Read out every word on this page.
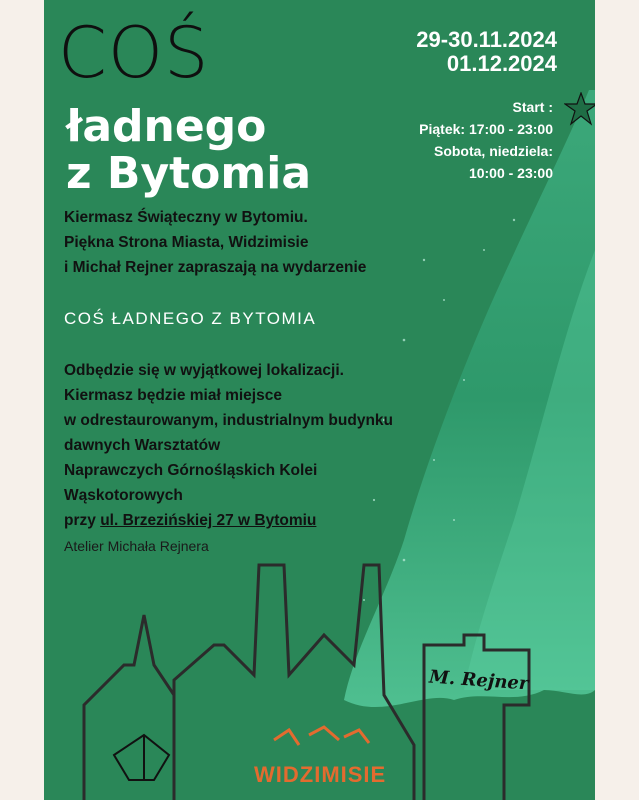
COŚ
ładnego
z Bytomia
29-30.11.2024
01.12.2024
Start :
Piątek: 17:00 - 23:00
Sobota, niedziela:
10:00 - 23:00
Kiermasz Świąteczny w Bytomiu.
Piękna Strona Miasta, Widzimisie
i Michał Rejner zapraszają na wydarzenie
COŚ ŁADNEGO Z BYTOMIA
Odbędzie się w wyjątkowej lokalizacji.
Kiermasz będzie miał miejsce
w odrestaurowanym, industrialnym budynku
dawnych Warsztatów
Naprawczych Górnośląskich Kolei
Wąskotorowych
przy ul. Brzezińskiej 27 w Bytomiu
Atelier Michała Rejnera
M. Rejner
WIDZIMISIE
